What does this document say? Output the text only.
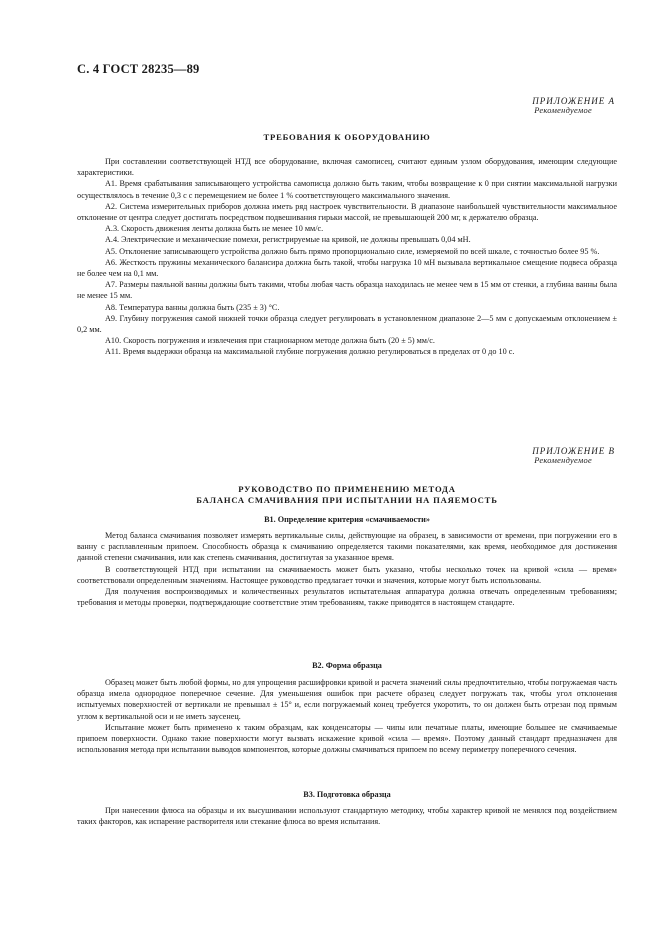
С. 4 ГОСТ 28235—89
ПРИЛОЖЕНИЕ А
Рекомендуемое
ТРЕБОВАНИЯ К ОБОРУДОВАНИЮ

При составлении соответствующей НТД все оборудование, включая самописец, считают единым узлом оборудования, имеющим следующие характеристики.

А1. Время срабатывания записывающего устройства самописца должно быть таким, чтобы возвращение к 0 при снятии максимальной нагрузки осуществлялось в течение 0,3 с с перемещением не более 1 % соответствующего максимального значения.

А2. Система измерительных приборов должна иметь ряд настроек чувствительности. В диапазоне наибольшей чувствительности максимальное отклонение от центра следует достигать посредством подвешивания гирьки массой, не превышающей 200 мг, к держателю образца.

А.3. Скорость движения ленты должна быть не менее 10 мм/с.

А.4. Электрические и механические помехи, регистрируемые на кривой, не должны превышать 0,04 мН.

А5. Отклонение записывающего устройства должно быть прямо пропорционально силе, измеряемой по всей шкале, с точностью более 95 %.

А6. Жесткость пружины механического балансира должна быть такой, чтобы нагрузка 10 мН вызывала вертикальное смещение подвеса образца не более чем на 0,1 мм.

А7. Размеры паяльной ванны должны быть такими, чтобы любая часть образца находилась не менее чем в 15 мм от стенки, а глубина ванны была не менее 15 мм.

А8. Температура ванны должна быть (235 ± 3) °С.

А9. Глубину погружения самой нижней точки образца следует регулировать в установленном диапазоне 2—5 мм с допускаемым отклонением ± 0,2 мм.

А10. Скорость погружения и извлечения при стационарном методе должна быть (20 ± 5) мм/с.

А11. Время выдержки образца на максимальной глубине погружения должно регулироваться в пределах от 0 до 10 с.

ПРИЛОЖЕНИЕ В
Рекомендуемое
РУКОВОДСТВО ПО ПРИМЕНЕНИЮ МЕТОДА
БАЛАНСА СМАЧИВАНИЯ ПРИ ИСПЫТАНИИ НА ПАЯЕМОСТЬ
В1. Определение критерия «смачиваемости»

Метод баланса смачивания позволяет измерять вертикальные силы, действующие на образец, в зависимости от времени, при погружении его в ванну с расплавленным припоем. Способность образца к смачиванию определяется такими показателями, как время, необходимое для достижения данной степени смачивания, или как степень смачивания, достигнутая за указанное время.

В соответствующей НТД при испытании на смачиваемость может быть указано, чтобы несколько точек на кривой «сила — время» соответствовали определенным значениям. Настоящее руководство предлагает точки и значения, которые могут быть использованы.

Для получения воспроизводимых и количественных результатов испытательная аппаратура должна отвечать определенным требованиям; требования и методы проверки, подтверждающие соответствие этим требованиям, также приводятся в настоящем стандарте.

В2. Форма образца

Образец может быть любой формы, но для упрощения расшифровки кривой и расчета значений силы предпочтительно, чтобы погружаемая часть образца имела однородное поперечное сечение. Для уменьшения ошибок при расчете образец следует погружать так, чтобы угол отклонения испытуемых поверхностей от вертикали не превышал ± 15° и, если погружаемый конец требуется укоротить, то он должен быть отрезан под прямым углом к вертикальной оси и не иметь заусенец.

Испытание может быть применено к таким образцам, как конденсаторы — чипы или печатные платы, имеющие большее не смачиваемые припоем поверхности. Однако такие поверхности могут вызвать искажение кривой «сила — время». Поэтому данный стандарт предназначен для использования метода при испытании выводов компонентов, которые должны смачиваться припоем по всему периметру поперечного сечения.

В3. Подготовка образца

При нанесении флюса на образцы и их высушивании используют стандартную методику, чтобы характер кривой не менялся под воздействием таких факторов, как испарение растворителя или стекание флюса во время испытания.
